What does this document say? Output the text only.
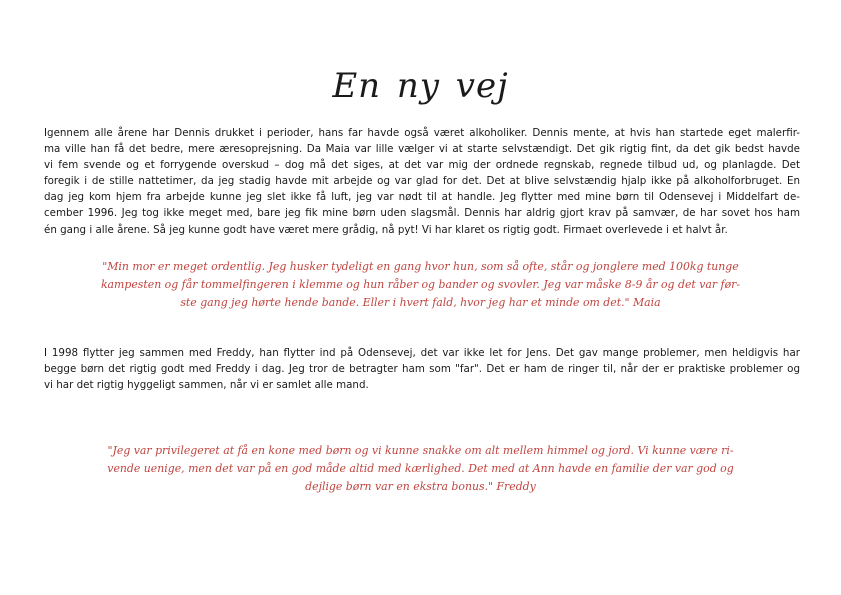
En ny vej
Igennem alle årene har Dennis drukket i perioder, hans far havde også været alkoholiker. Dennis mente, at hvis han startede eget malerfir-
ma ville han få det bedre, mere æresoprejsning. Da Maia var lille vælger vi at starte selvstændigt. Det gik rigtig fint, da det gik bedst havde
vi fem svende og et forrygende overskud – dog må det siges, at det var mig der ordnede regnskab, regnede tilbud ud, og planlagde. Det
foregik i de stille nattetimer, da jeg stadig havde mit arbejde og var glad for det. Det at blive selvstændig hjalp ikke på alkoholforbruget. En
dag jeg kom hjem fra arbejde kunne jeg slet ikke få luft, jeg var nødt til at handle. Jeg flytter med mine børn til Odensevej i Middelfart de-
cember 1996. Jeg tog ikke meget med, bare jeg fik mine børn uden slagsmål. Dennis har aldrig gjort krav på samvær, de har sovet hos ham
én gang i alle årene. Så jeg kunne godt have været mere grådig, nå pyt! Vi har klaret os rigtig godt. Firmaet overlevede i et halvt år.
"Min mor er meget ordentlig. Jeg husker tydeligt en gang hvor hun, som så ofte, står og jonglere med 100kg tunge
kampesten og får tommelfingeren i klemme og hun råber og bander og svovler. Jeg var måske 8-9 år og det var før-
ste gang jeg hørte hende bande. Eller i hvert fald, hvor jeg har et minde om det." Maia
I 1998 flytter jeg sammen med Freddy, han flytter ind på Odensevej, det var ikke let for Jens. Det gav mange problemer, men heldigvis har
begge børn det rigtig godt med Freddy i dag. Jeg tror de betragter ham som "far". Det er ham de ringer til, når der er praktiske problemer og
vi har det rigtig hyggeligt sammen, når vi er samlet alle mand.
"Jeg var privilegeret at få en kone med børn og vi kunne snakke om alt mellem himmel og jord. Vi kunne være ri-
vende uenige, men det var på en god måde altid med kærlighed. Det med at Ann havde en familie der var god og
dejlige børn var en ekstra bonus." Freddy
